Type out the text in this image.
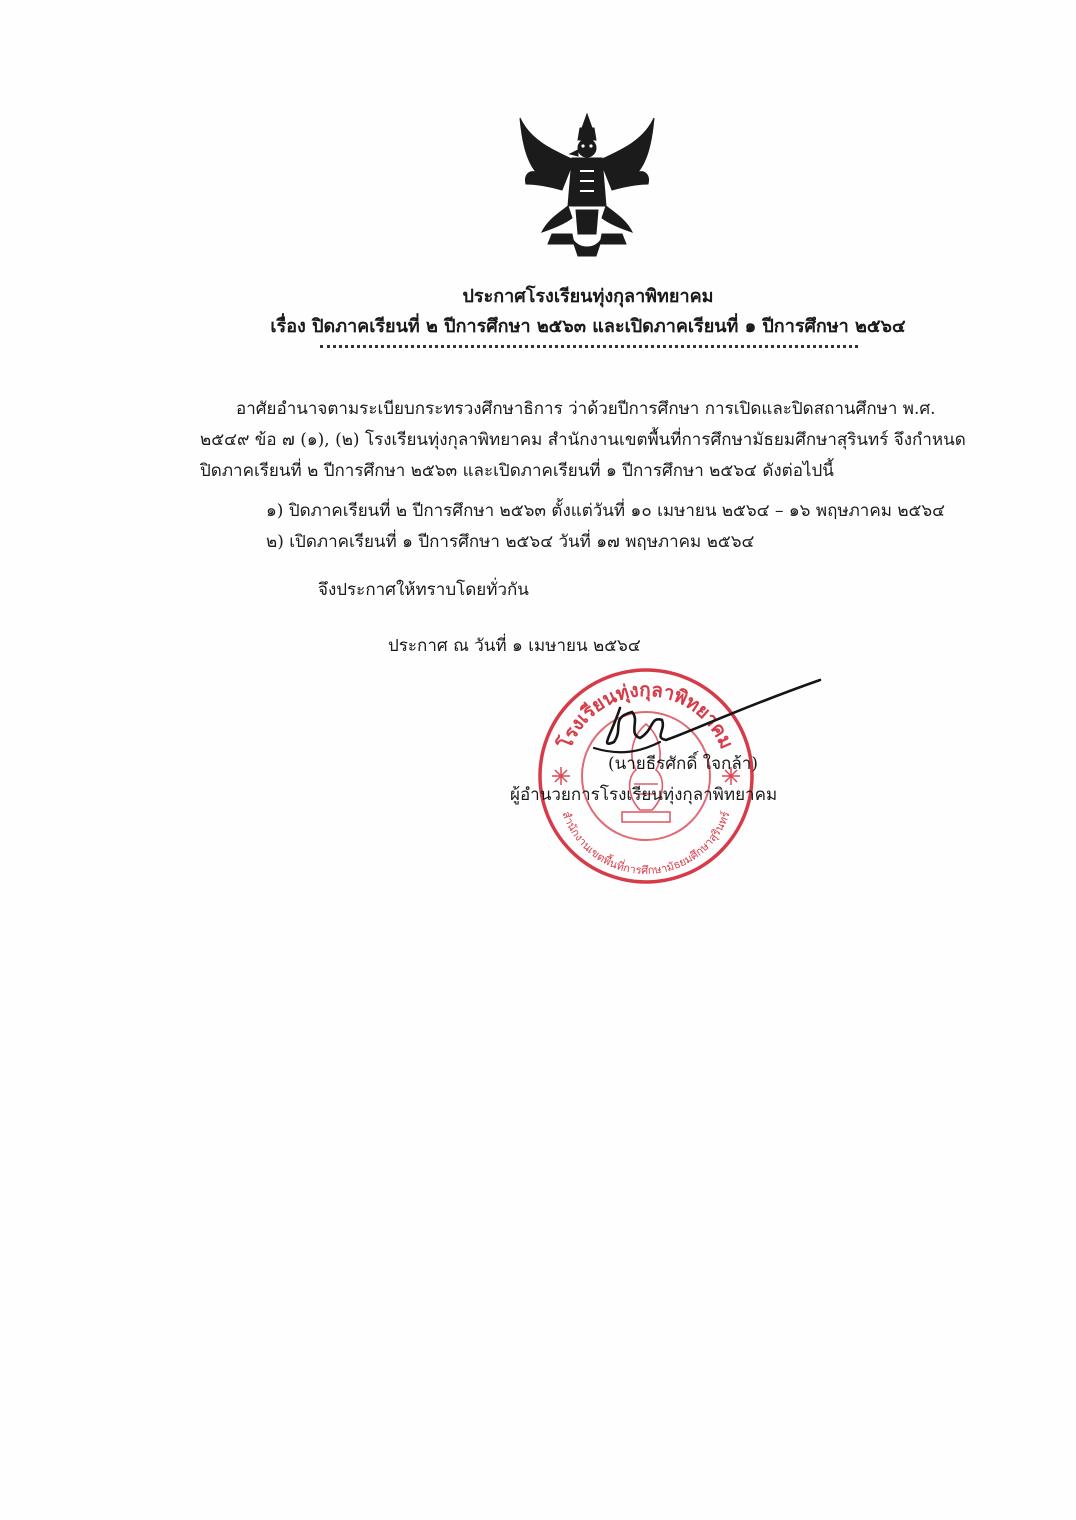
ประกาศโรงเรียนทุ่งกุลาพิทยาคม
เรื่อง ปิดภาคเรียนที่ ๒ ปีการศึกษา ๒๕๖๓ และเปิดภาคเรียนที่ ๑ ปีการศึกษา ๒๕๖๔
อาศัยอำนาจตามระเบียบกระทรวงศึกษาธิการ ว่าด้วยปีการศึกษา การเปิดและปิดสถานศึกษา พ.ศ.
๒๕๔๙ ข้อ ๗ (๑), (๒) โรงเรียนทุ่งกุลาพิทยาคม สำนักงานเขตพื้นที่การศึกษามัธยมศึกษาสุรินทร์ จึงกำหนด
ปิดภาคเรียนที่ ๒ ปีการศึกษา ๒๕๖๓ และเปิดภาคเรียนที่ ๑ ปีการศึกษา ๒๕๖๔ ดังต่อไปนี้
๑) ปิดภาคเรียนที่ ๒ ปีการศึกษา ๒๕๖๓ ตั้งแต่วันที่ ๑๐ เมษายน ๒๕๖๔ – ๑๖ พฤษภาคม ๒๕๖๔
๒) เปิดภาคเรียนที่ ๑ ปีการศึกษา ๒๕๖๔ วันที่ ๑๗ พฤษภาคม ๒๕๖๔
จึงประกาศให้ทราบโดยทั่วกัน
ประกาศ ณ วันที่ ๑ เมษายน ๒๕๖๔
โรงเรียนทุ่งกุลาพิทยาคม
สำนักงานเขตพื้นที่การศึกษามัธยมศึกษาสุรินทร์
(นายธีรศักดิ์ ใจกล้า)
ผู้อำนวยการโรงเรียนทุ่งกุลาพิทยาคม
